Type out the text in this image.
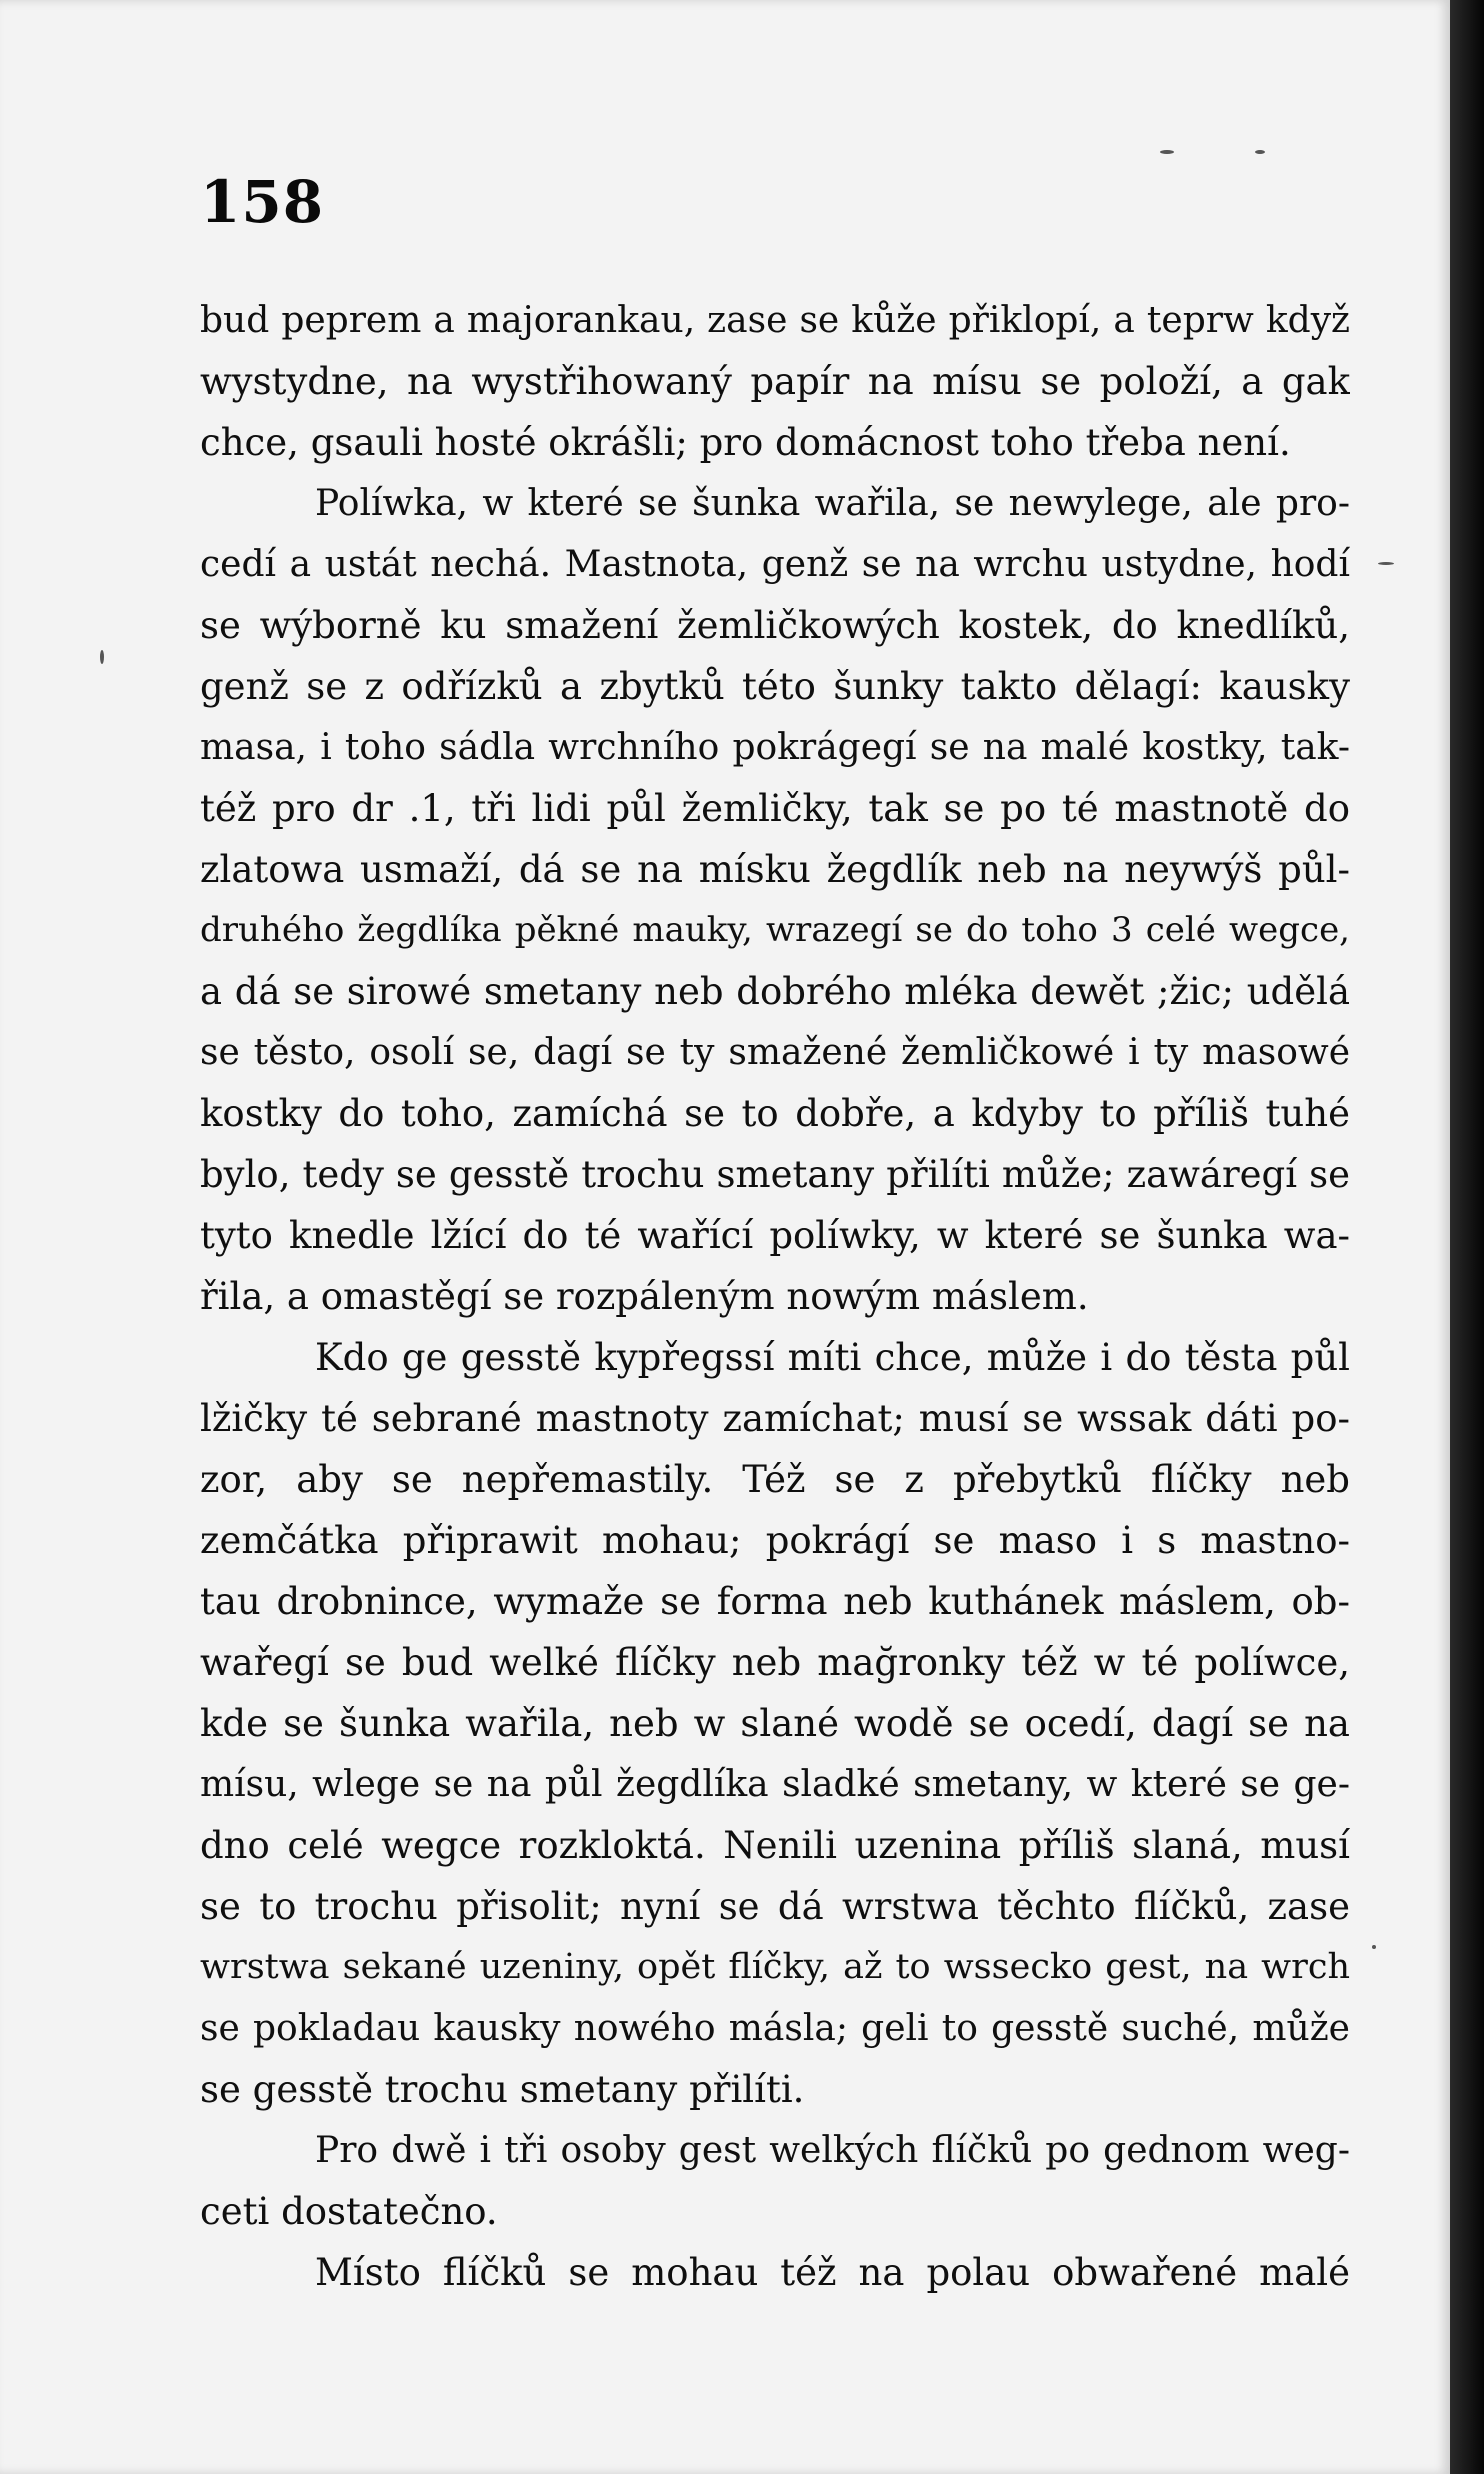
158
bud peprem a majorankau, zase se kůže přiklopí, a teprw když
wystydne, na wystřihowaný papír na mísu se položí, a gak
chce, gsauli hosté okrášli; pro domácnost toho třeba není.
Políwka, w které se šunka wařila, se newylege, ale pro-
cedí a ustát nechá. Mastnota, genž se na wrchu ustydne, hodí
se wýborně ku smažení žemličkowých kostek, do knedlíků,
genž se z odřízků a zbytků této šunky takto dělagí: kausky
masa, i toho sádla wrchního pokrágegí se na malé kostky, tak-
též pro dr .1, tři lidi půl žemličky, tak se po té mastnotě do
zlatowa usmaží, dá se na mísku žegdlík neb na neywýš půl-
druhého žegdlíka pěkné mauky, wrazegí se do toho 3 celé wegce,
a dá se sirowé smetany neb dobrého mléka dewět ;žic; udělá
se těsto, osolí se, dagí se ty smažené žemličkowé i ty masowé
kostky do toho, zamíchá se to dobře, a kdyby to příliš tuhé
bylo, tedy se gesstě trochu smetany přilíti může; zawáregí se
tyto knedle lžící do té wařící políwky, w které se šunka wa-
řila, a omastěgí se rozpáleným nowým máslem.
Kdo ge gesstě kypřegssí míti chce, může i do těsta půl
lžičky té sebrané mastnoty zamíchat; musí se wssak dáti po-
zor, aby se nepřemastily. Též se z přebytků flíčky neb
zemčátka připrawit mohau; pokrágí se maso i s mastno-
tau drobnince, wymaže se forma neb kuthánek máslem, ob-
wařegí se bud welké flíčky neb mağronky též w té políwce,
kde se šunka wařila, neb w slané wodě se ocedí, dagí se na
mísu, wlege se na půl žegdlíka sladké smetany, w které se ge-
dno celé wegce rozkloktá. Nenili uzenina příliš slaná, musí
se to trochu přisolit; nyní se dá wrstwa těchto flíčků, zase
wrstwa sekané uzeniny, opět flíčky, až to wssecko gest, na wrch
se pokladau kausky nowého másla; geli to gesstě suché, může
se gesstě trochu smetany přilíti.
Pro dwě i tři osoby gest welkých flíčků po gednom weg-
ceti dostatečno.
Místo flíčků se mohau též na polau obwařené malé
